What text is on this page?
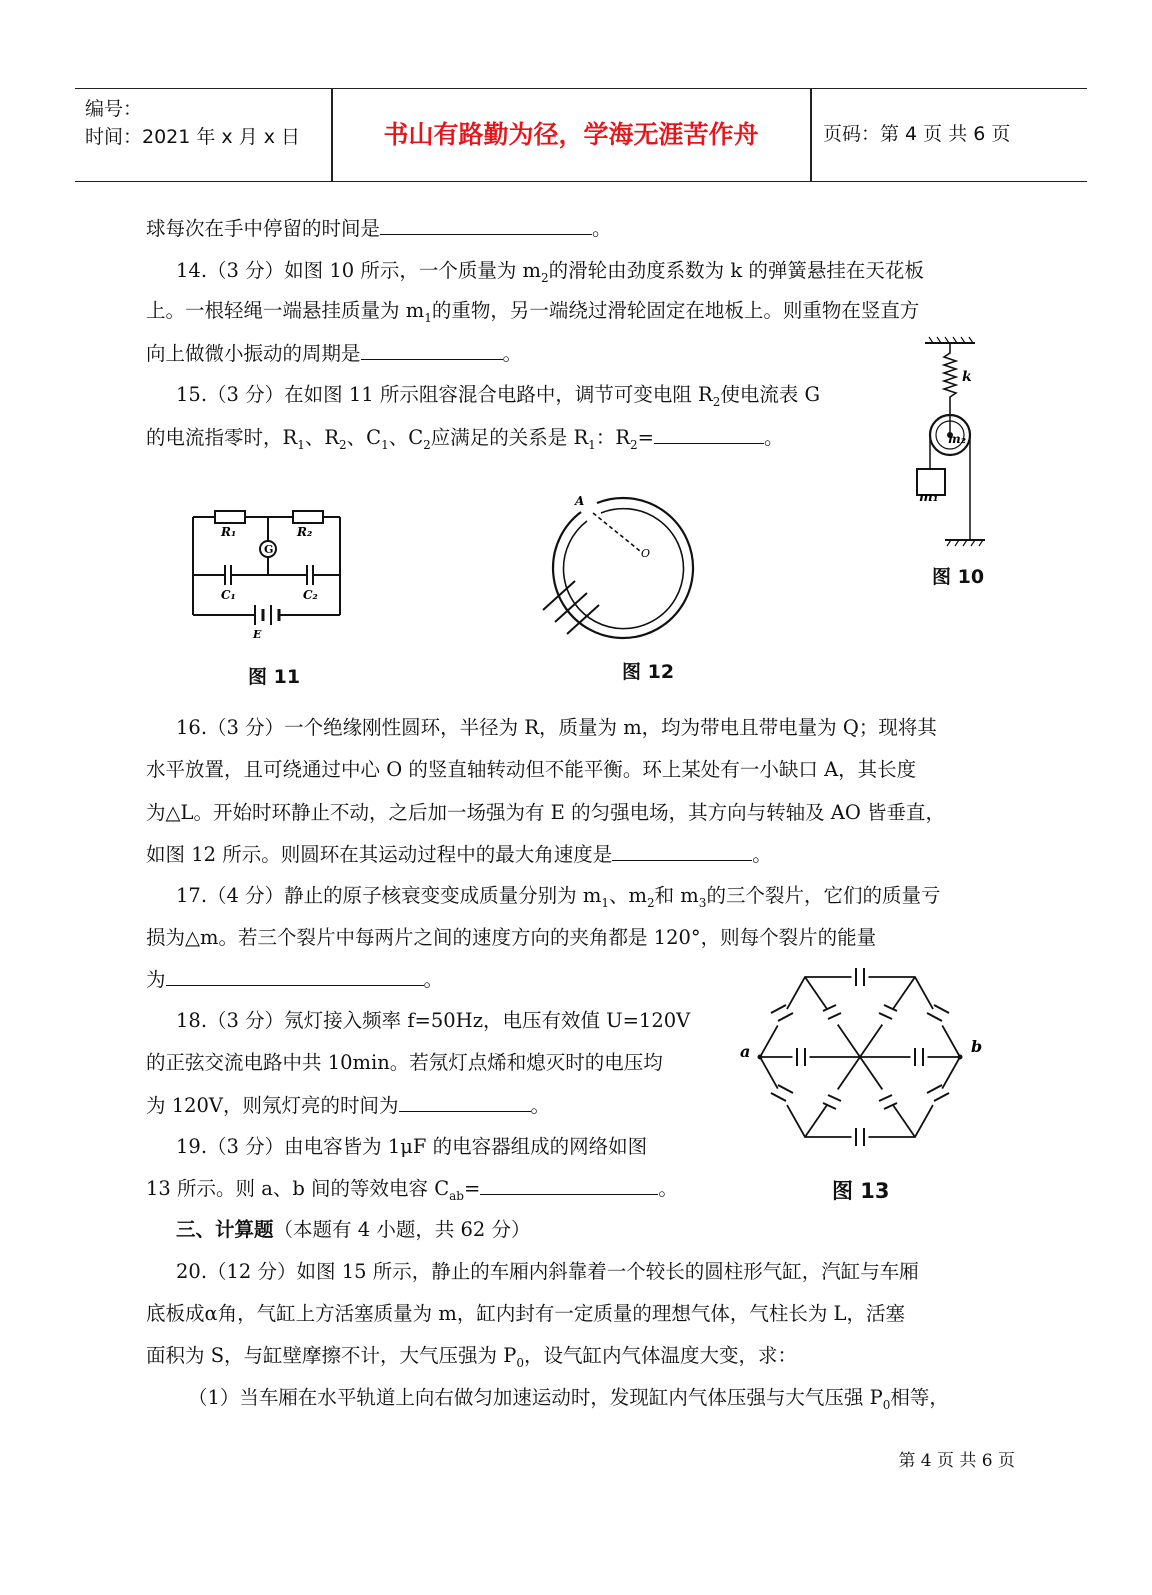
编号：
时间：2021 年 x 月 x 日	书山有路勤为径，学海无涯苦作舟	页码：第 4 页 共 6 页
球每次在手中停留的时间是	。
14.（3 分）如图 10 所示，一个质量为 $m_2$的滑轮由劲度系数为 k 的弹簧悬挂在天花板
上。一根轻绳一端悬挂质量为 $m_1$的重物，另一端绕过滑轮固定在地板上。则重物在竖直方
向上做微小振动的周期是	。
15.（3 分）在如图 11 所示阻容混合电路中，调节可变电阻 $R_2$使电流表 G
的电流指零时，$R_1$、$R_2$、$C_1$、$C_2$应满足的关系是 $R_1$：$R_2=$	。
k
m₂
m₁
图 10
G
R₁	R₂
C₁	C₂
E
图 11
A
O
图 12
16.（3 分）一个绝缘刚性圆环，半径为 R，质量为 m，均为带电且带电量为 Q；现将其
水平放置，且可绕通过中心 O 的竖直轴转动但不能平衡。环上某处有一小缺口 A，其长度
为△L。开始时环静止不动，之后加一场强为有 E 的匀强电场，其方向与转轴及 AO 皆垂直，
如图 12 所示。则圆环在其运动过程中的最大角速度是	。
17.（4 分）静止的原子核衰变变成质量分别为 $m_1$、$m_2$和 $m_3$的三个裂片，它们的质量亏
损为△m。若三个裂片中每两片之间的速度方向的夹角都是 120°，则每个裂片的能量
为	。
a	b
图 13
18.（3 分）氖灯接入频率 f=50Hz，电压有效值 U=120V
的正弦交流电路中共 10min。若氖灯点烯和熄灭时的电压均
为 120V，则氖灯亮的时间为	。
19.（3 分）由电容皆为 1μF 的电容器组成的网络如图
13 所示。则 a、b 间的等效电容 $C_{ab}=$	。
三、计算题（本题有 4 小题，共 62 分）
20.（12 分）如图 15 所示，静止的车厢内斜靠着一个较长的圆柱形气缸，汽缸与车厢
底板成α角，气缸上方活塞质量为 m，缸内封有一定质量的理想气体，气柱长为 L，活塞
面积为 S，与缸壁摩擦不计，大气压强为 $P_0$，设气缸内气体温度大变，求：
（1）当车厢在水平轨道上向右做匀加速运动时，发现缸内气体压强与大气压强 $P_0$相等，
第 4 页 共 6 页
